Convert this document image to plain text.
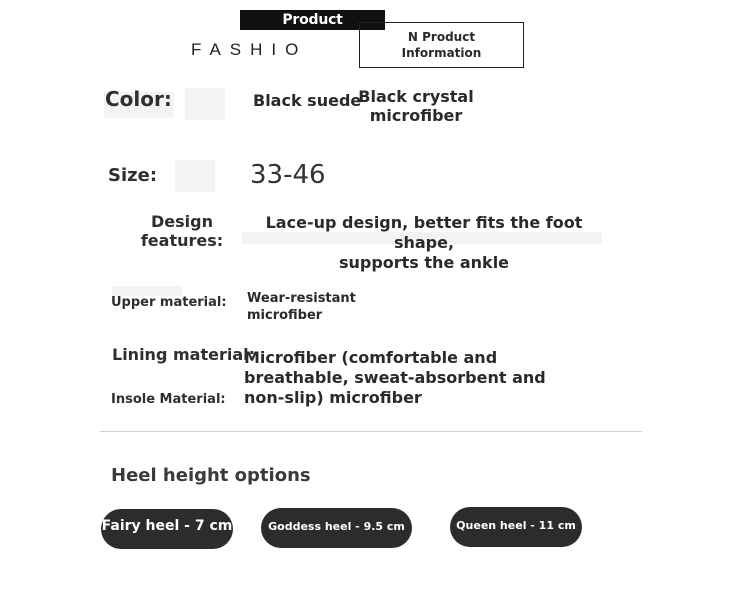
Product Information
FASHIO
N Product
Information
Color:	Black suede
Black crystal
microfiber
Size:	33-46
Design
features:
Lace-up design, better fits the foot shape,
supports the ankle
Upper material: Wear-resistant
microfiber
Lining material:
Microfiber (comfortable and
breathable, sweat-absorbent and
non-slip) microfiber
Insole Material:
Heel height options
Fairy heel - 7 cm	Goddess heel - 9.5 cm	Queen heel - 11 cm
